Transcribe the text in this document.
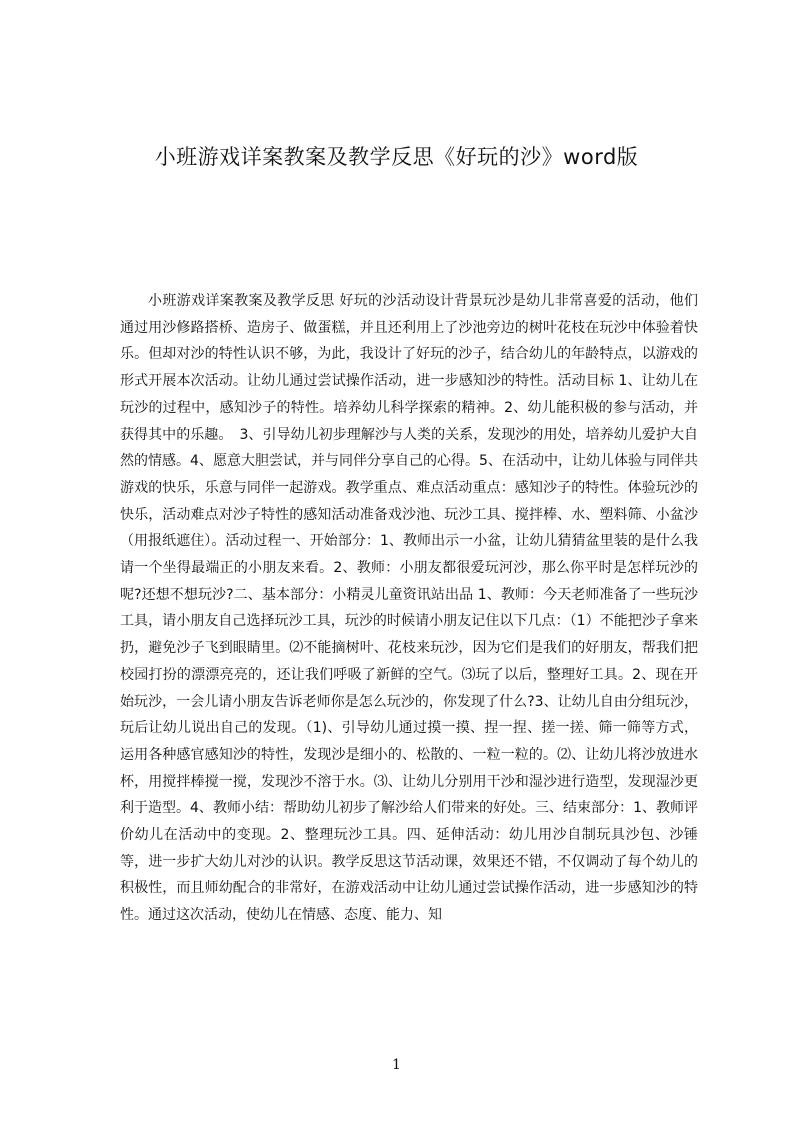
小班游戏详案教案及教学反思《好玩的沙》word版
小班游戏详案教案及教学反思 好玩的沙活动设计背景玩沙是幼儿非常喜爱的活动，他们通过用沙修路搭桥、造房子、做蛋糕，并且还利用上了沙池旁边的树叶花枝在玩沙中体验着快乐。但却对沙的特性认识不够，为此，我设计了好玩的沙子，结合幼儿的年龄特点，以游戏的形式开展本次活动。让幼儿通过尝试操作活动，进一步感知沙的特性。活动目标 1、让幼儿在玩沙的过程中，感知沙子的特性。培养幼儿科学探索的精神。2、幼儿能积极的参与活动，并获得其中的乐趣。　3、引导幼儿初步理解沙与人类的关系，发现沙的用处，培养幼儿爱护大自然的情感。4、愿意大胆尝试，并与同伴分享自己的心得。5、在活动中，让幼儿体验与同伴共游戏的快乐，乐意与同伴一起游戏。教学重点、难点活动重点：感知沙子的特性。体验玩沙的快乐，活动难点对沙子特性的感知活动准备戏沙池、玩沙工具、搅拌棒、水、塑料筛、小盆沙（用报纸遮住）。活动过程一、开始部分：1、教师出示一小盆，让幼儿猜猜盆里装的是什么我请一个坐得最端正的小朋友来看。2、教师：小朋友都很爱玩河沙，那么你平时是怎样玩沙的呢?还想不想玩沙?二、基本部分：小精灵儿童资讯站出品 1、教师：今天老师准备了一些玩沙工具，请小朋友自己选择玩沙工具，玩沙的时候请小朋友记住以下几点：（1）不能把沙子拿来扔，避免沙子飞到眼睛里。⑵不能摘树叶、花枝来玩沙，因为它们是我们的好朋友，帮我们把校园打扮的漂漂亮亮的，还让我们呼吸了新鲜的空气。⑶玩了以后，整理好工具。2、现在开始玩沙，一会儿请小朋友告诉老师你是怎么玩沙的，你发现了什么?3、让幼儿自由分组玩沙，玩后让幼儿说出自己的发现。（1)、引导幼儿通过摸一摸、捏一捏、搓一搓、筛一筛等方式，运用各种感官感知沙的特性，发现沙是细小的、松散的、一粒一粒的。⑵、让幼儿将沙放进水杯，用搅拌棒搅一搅，发现沙不溶于水。⑶、让幼儿分别用干沙和湿沙进行造型，发现湿沙更利于造型。4、教师小结：帮助幼儿初步了解沙给人们带来的好处。三、结束部分：1、教师评价幼儿在活动中的变现。2、整理玩沙工具。四、延伸活动：幼儿用沙自制玩具沙包、沙锤等，进一步扩大幼儿对沙的认识。教学反思这节活动课，效果还不错，不仅调动了每个幼儿的积极性，而且师幼配合的非常好，在游戏活动中让幼儿通过尝试操作活动，进一步感知沙的特性。通过这次活动，使幼儿在情感、态度、能力、知
1
